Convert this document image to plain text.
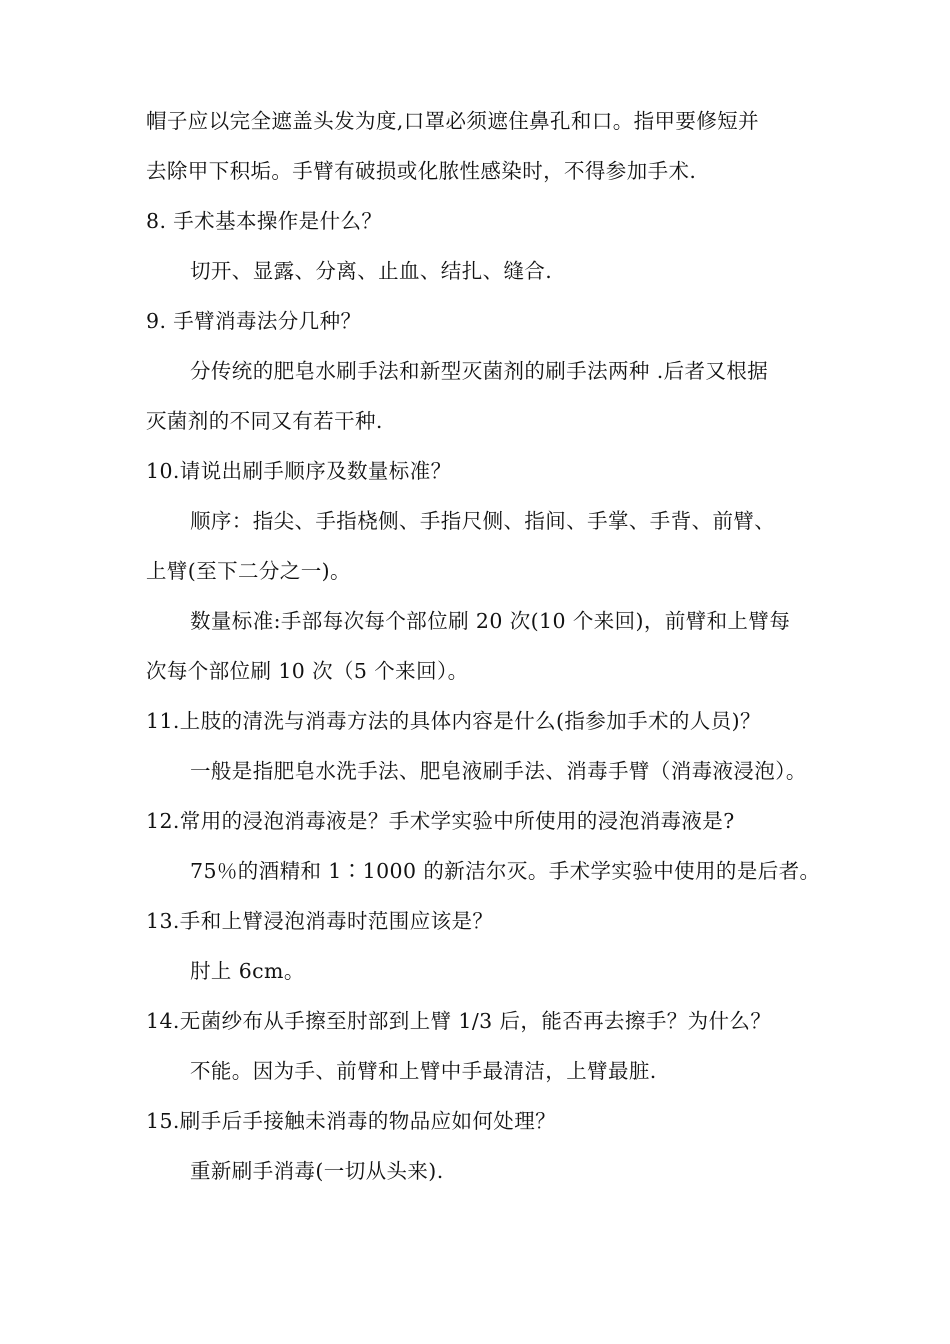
帽子应以完全遮盖头发为度,口罩必须遮住鼻孔和口。指甲要修短并
去除甲下积垢。手臂有破损或化脓性感染时，不得参加手术.
8. 手术基本操作是什么？
切开、显露、分离、止血、结扎、缝合.
9. 手臂消毒法分几种？
分传统的肥皂水刷手法和新型灭菌剂的刷手法两种 .后者又根据
灭菌剂的不同又有若干种.
10.请说出刷手顺序及数量标准？
顺序：指尖、手指桡侧、手指尺侧、指间、手掌、手背、前臂、
上臂(至下二分之一)。
数量标准:手部每次每个部位刷 20 次(10 个来回)，前臂和上臂每
次每个部位刷 10 次（5 个来回）。
11.上肢的清洗与消毒方法的具体内容是什么(指参加手术的人员)？
一般是指肥皂水洗手法、肥皂液刷手法、消毒手臂（消毒液浸泡）。
12.常用的浸泡消毒液是？手术学实验中所使用的浸泡消毒液是?
75％的酒精和 1∶1000 的新洁尔灭。手术学实验中使用的是后者。
13.手和上臂浸泡消毒时范围应该是？
肘上 6cm。
14.无菌纱布从手擦至肘部到上臂 1/3 后，能否再去擦手？为什么？
不能。因为手、前臂和上臂中手最清洁，上臂最脏.
15.刷手后手接触未消毒的物品应如何处理？
重新刷手消毒(一切从头来).
